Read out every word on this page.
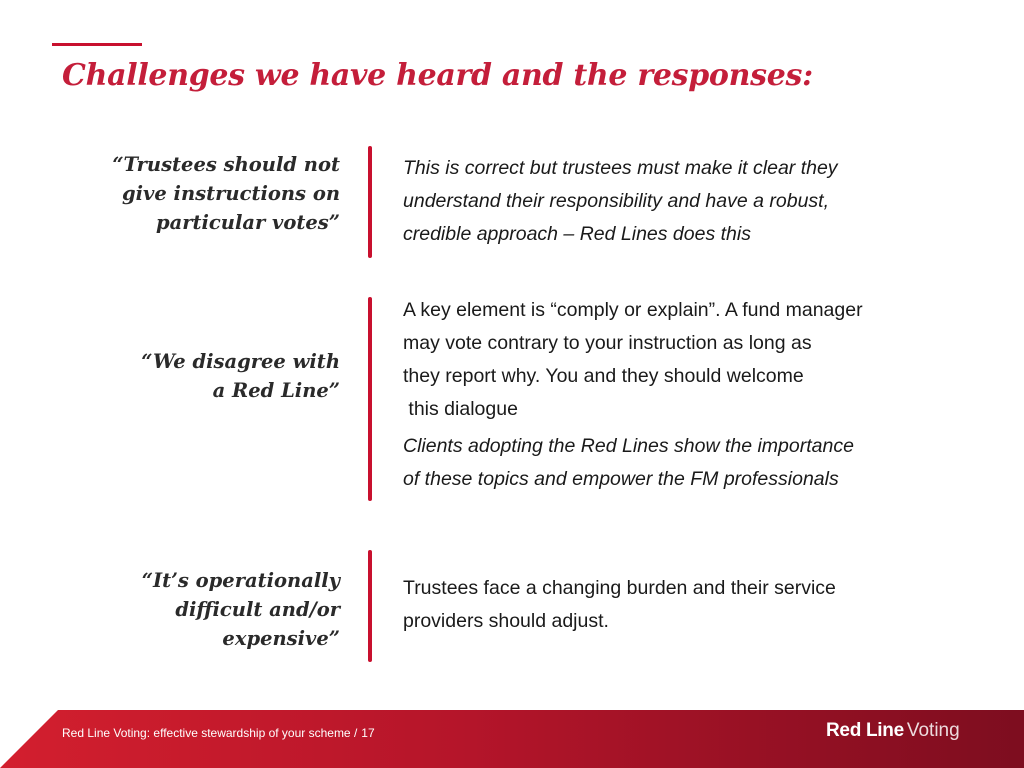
Challenges we have heard and the responses:

“Trustees should not
give instructions on
particular votes”

This is correct but trustees must make it clear they
understand their responsibility and have a robust,
credible approach – Red Lines does this

“We disagree with
a Red Line”

A key element is “comply or explain”. A fund manager
may vote contrary to your instruction as long as
they report why. You and they should welcome
this dialogue

Clients adopting the Red Lines show the importance
of these topics and empower the FM professionals

“It’s operationally
difficult and/or
expensive”

Trustees face a changing burden and their service
providers should adjust.

Red Line Voting: effective stewardship of your scheme / 17	Red Line Voting
